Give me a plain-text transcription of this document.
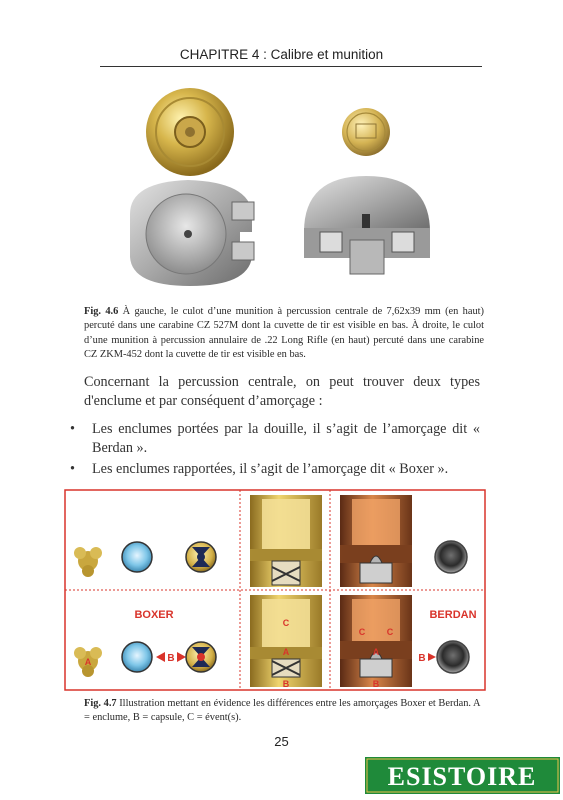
CHAPITRE 4 : Calibre et munition
Fig. 4.6 À gauche, le culot d’une munition à percussion centrale de 7,62x39 mm (en haut) percuté dans une carabine CZ 527M dont la cuvette de tir est visible en bas. À droite, le culot d’une munition à percussion annulaire de .22 Long Rifle (en haut) percuté dans une carabine CZ ZKM-452 dont la cuvette de tir est visible en bas.
Concernant la percussion centrale, on peut trouver deux types d'enclume et par conséquent d’amorçage :
•	Les enclumes portées par la douille, il s’agit de l’amorçage dit « Berdan ».
•	Les enclumes rapportées, il s’agit de l’amorçage dit « Boxer ».
BOXER	BERDAN
A	B
C
A
B
C C
A
B
B
Fig. 4.7 Illustration mettant en évidence les différences entre les amorçages Boxer et Berdan. A = enclume, B = capsule, C = évent(s).
25
ESISTOIRE
